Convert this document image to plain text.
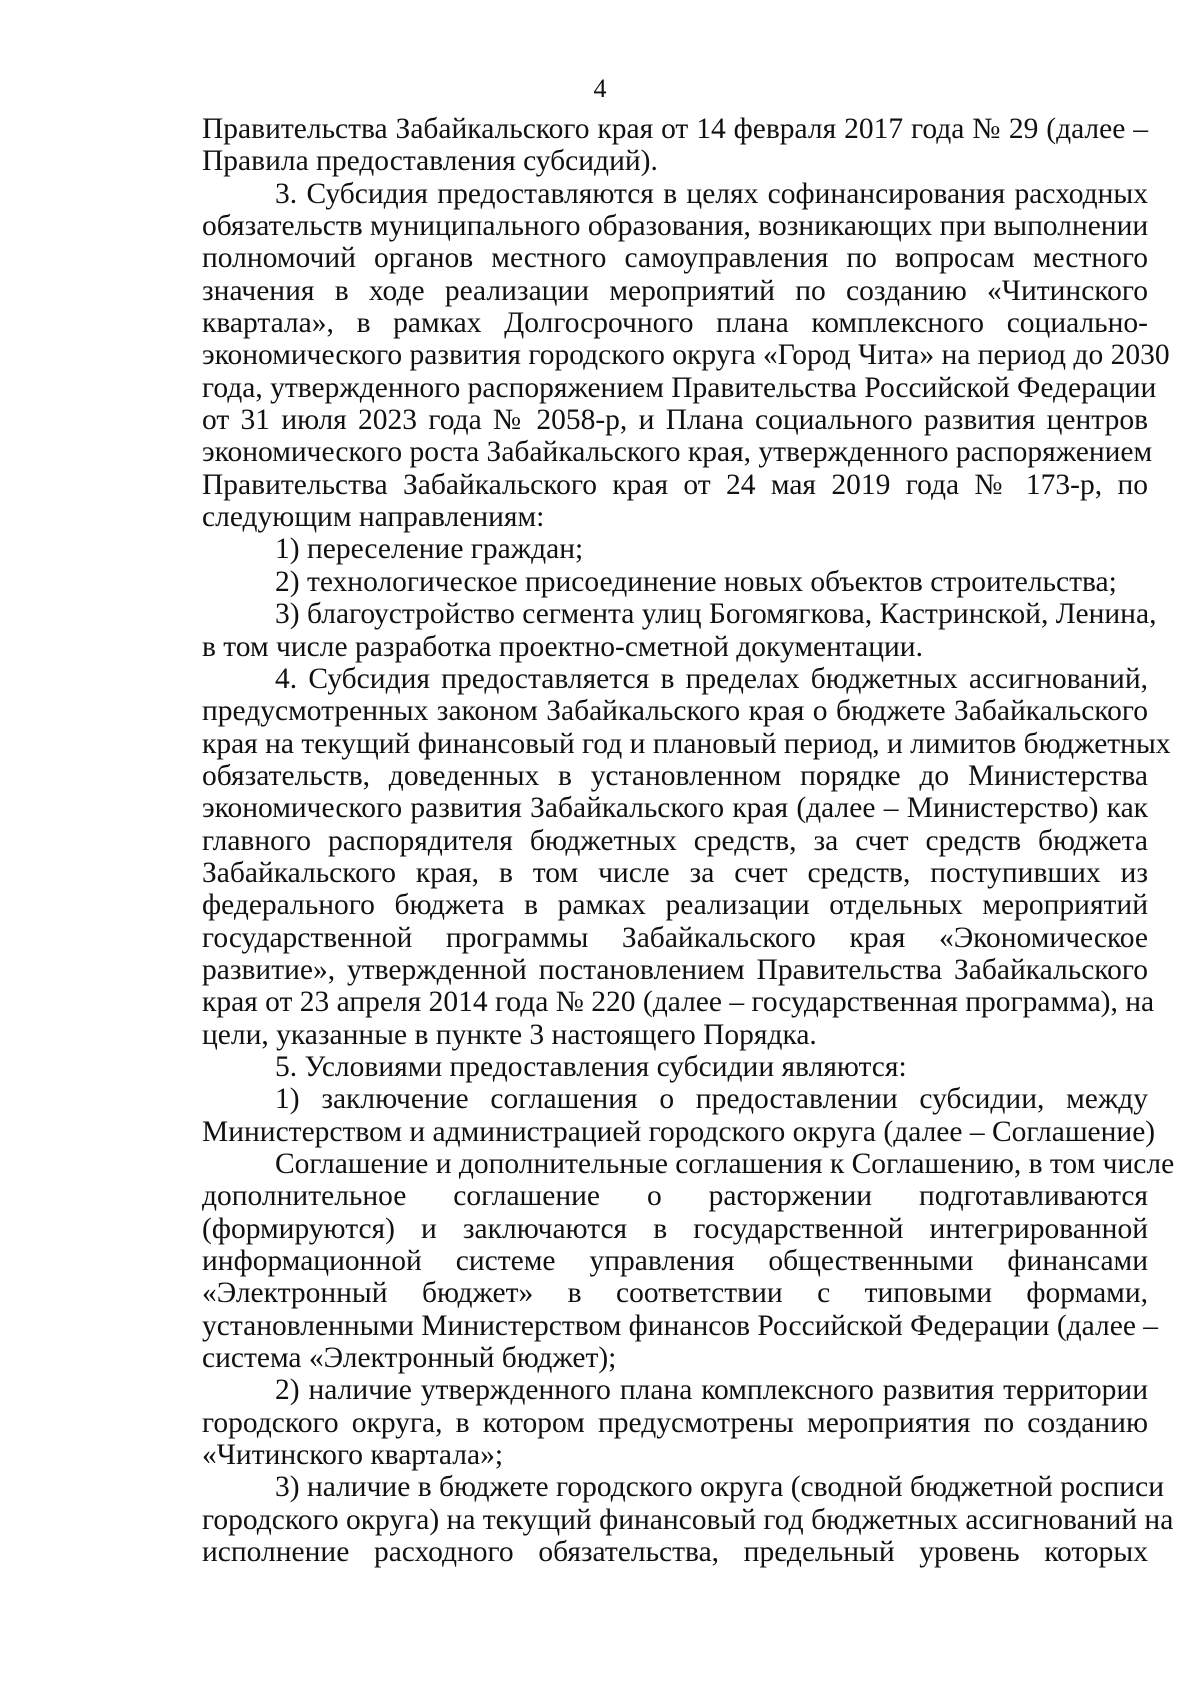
4

Правительства Забайкальского края от 14 февраля 2017 года № 29 (далее –

Правила предоставления субсидий).

3. Субсидия предоставляются в целях софинансирования расходных

обязательств муниципального образования, возникающих при выполнении

полномочий органов местного самоуправления по вопросам местного

значения в ходе реализации мероприятий по созданию «Читинского

квартала», в рамках Долгосрочного плана комплексного социально-

экономического развития городского округа «Город Чита» на период до 2030

года, утвержденного распоряжением Правительства Российской Федерации

от 31 июля 2023 года № 2058-р, и Плана социального развития центров

экономического роста Забайкальского края, утвержденного распоряжением

Правительства Забайкальского края от 24 мая 2019 года № 173-р, по

следующим направлениям:

1) переселение граждан;

2) технологическое присоединение новых объектов строительства;

3) благоустройство сегмента улиц Богомягкова, Кастринской, Ленина,

в том числе разработка проектно-сметной документации.

4. Субсидия предоставляется в пределах бюджетных ассигнований,

предусмотренных законом Забайкальского края о бюджете Забайкальского

края на текущий финансовый год и плановый период, и лимитов бюджетных

обязательств, доведенных в установленном порядке до Министерства

экономического развития Забайкальского края (далее – Министерство) как

главного распорядителя бюджетных средств, за счет средств бюджета

Забайкальского края, в том числе за счет средств, поступивших из

федерального бюджета в рамках реализации отдельных мероприятий

государственной программы Забайкальского края «Экономическое

развитие», утвержденной постановлением Правительства Забайкальского

края от 23 апреля 2014 года № 220 (далее – государственная программа), на

цели, указанные в пункте 3 настоящего Порядка.

5. Условиями предоставления субсидии являются:

1) заключение соглашения о предоставлении субсидии, между

Министерством и администрацией городского округа (далее – Соглашение)

Соглашение и дополнительные соглашения к Соглашению, в том числе

дополнительное соглашение о расторжении подготавливаются

(формируются) и заключаются в государственной интегрированной

информационной системе управления общественными финансами

«Электронный бюджет» в соответствии с типовыми формами,

установленными Министерством финансов Российской Федерации (далее –

система «Электронный бюджет);

2) наличие утвержденного плана комплексного развития территории

городского округа, в котором предусмотрены мероприятия по созданию

«Читинского квартала»;

3) наличие в бюджете городского округа (сводной бюджетной росписи

городского округа) на текущий финансовый год бюджетных ассигнований на

исполнение расходного обязательства, предельный уровень которых
